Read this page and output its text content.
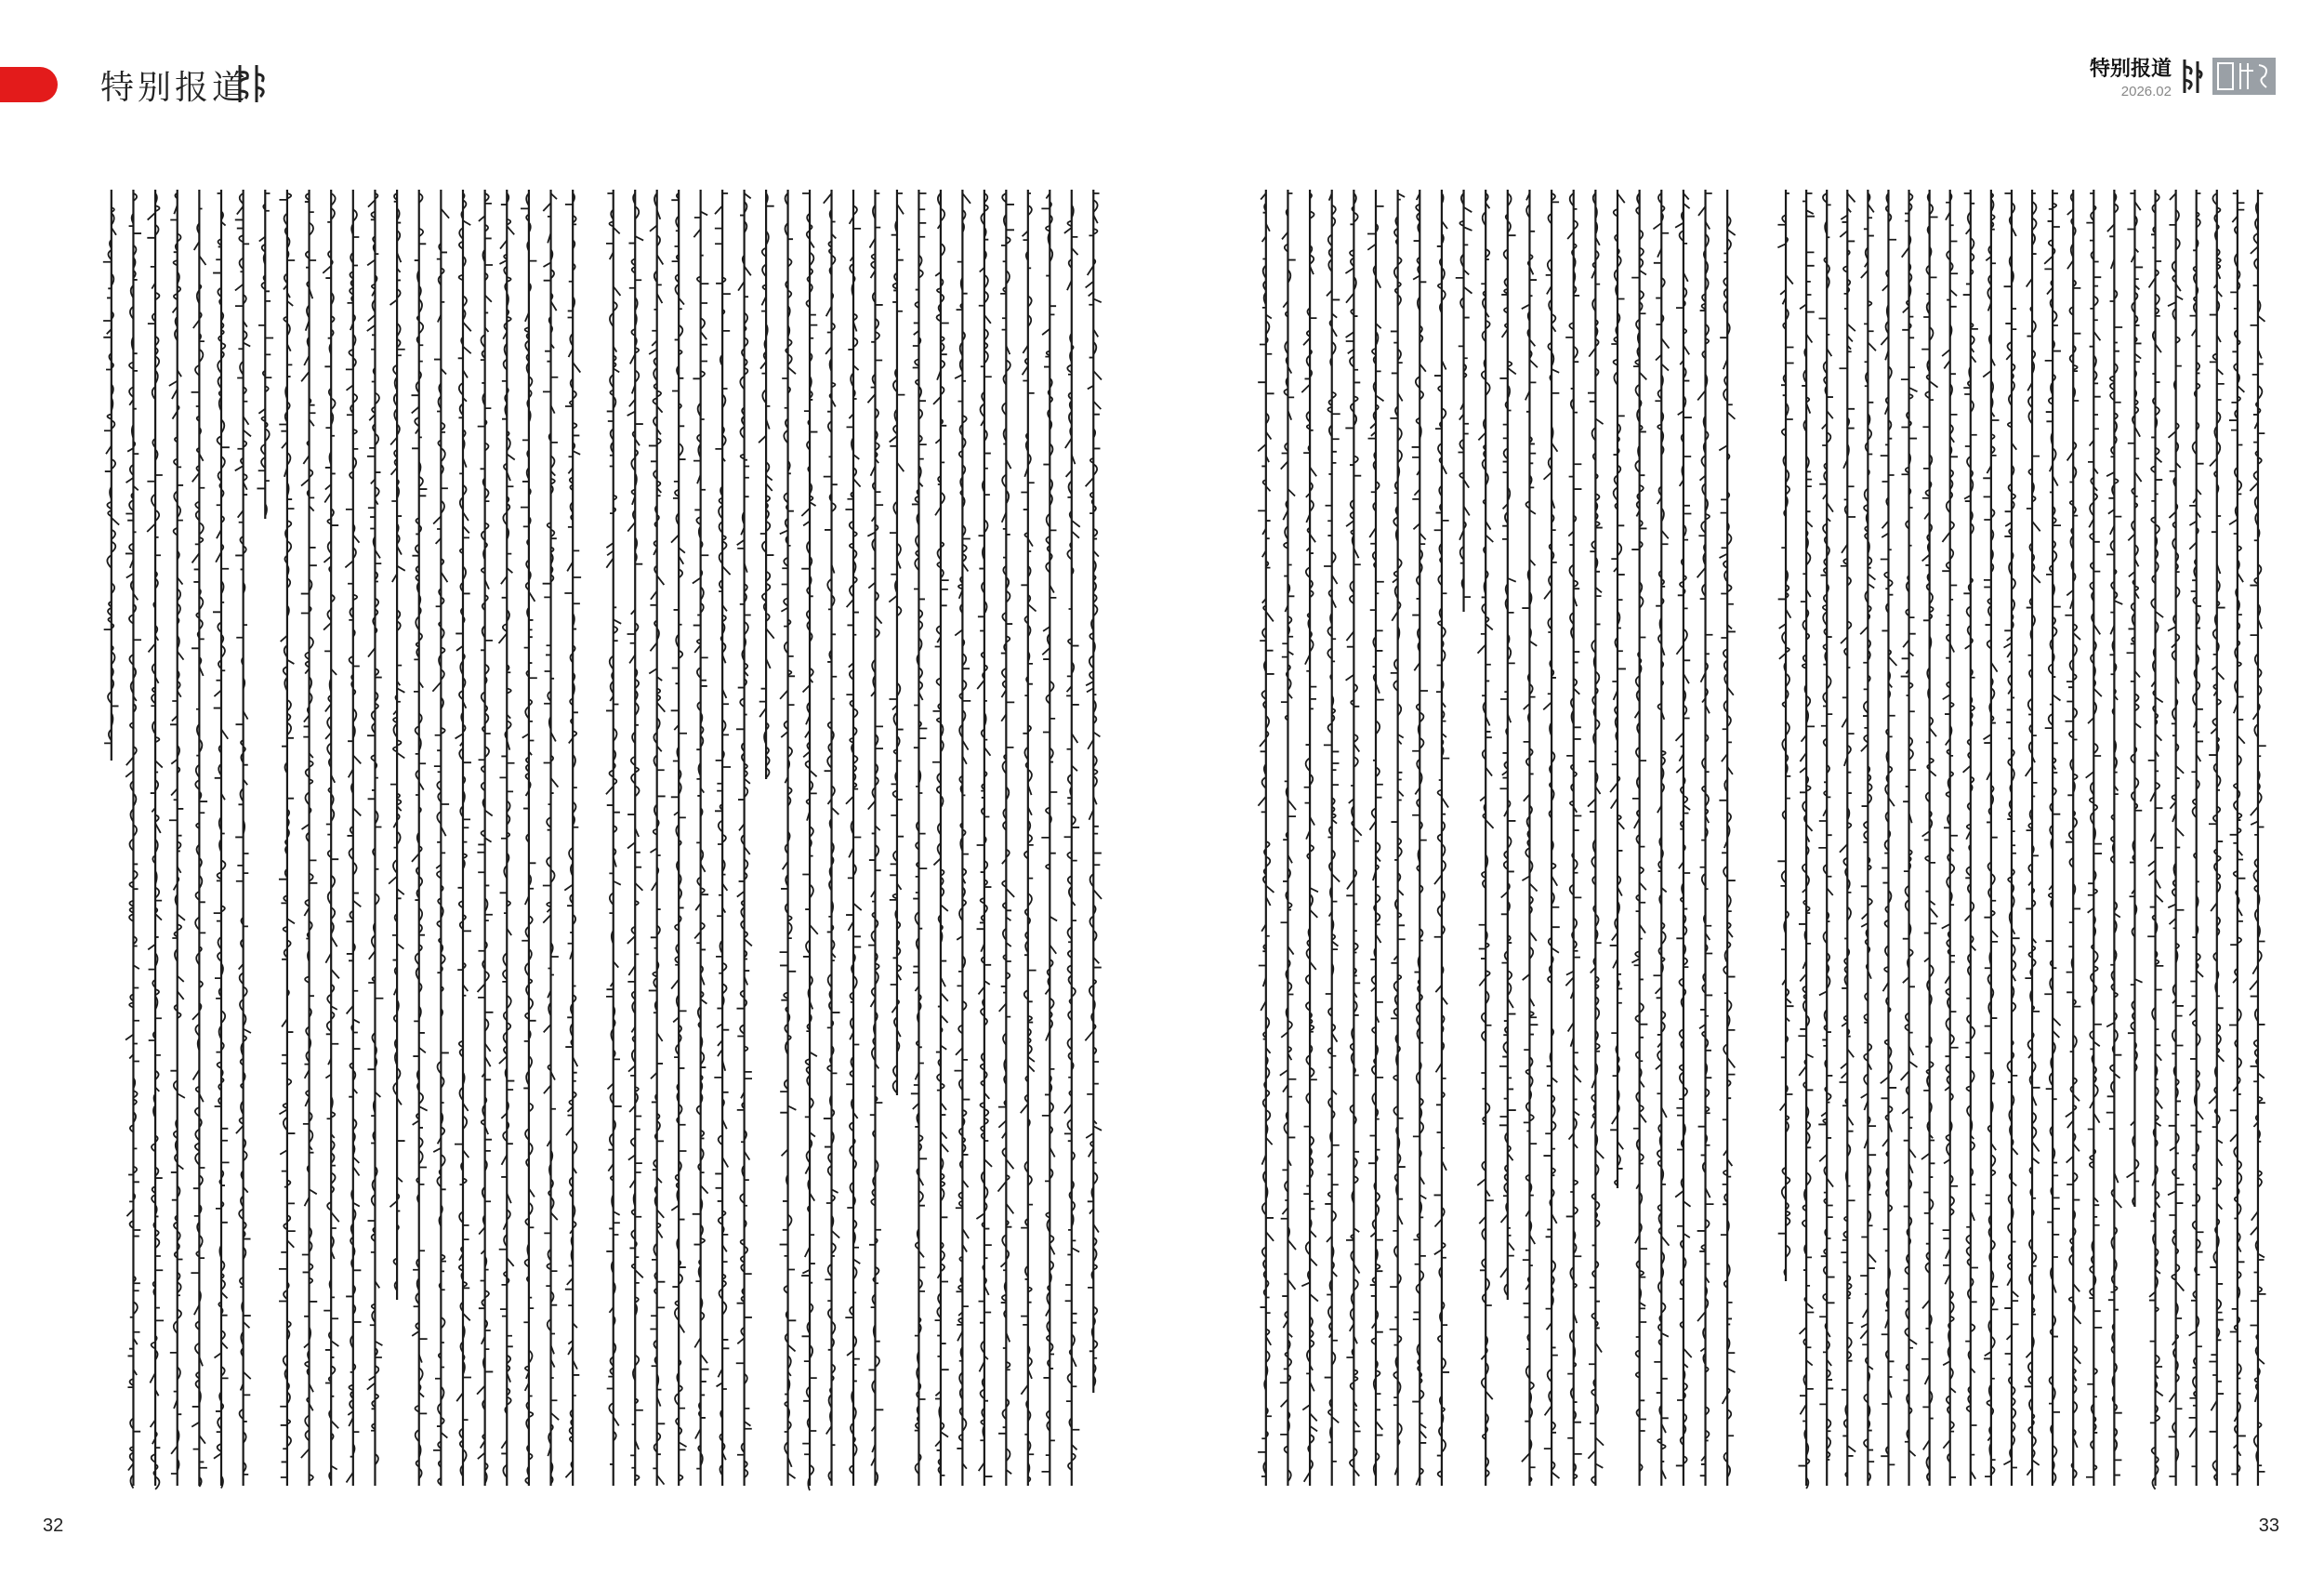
特别报道	特别报道
2026.02
32	33
